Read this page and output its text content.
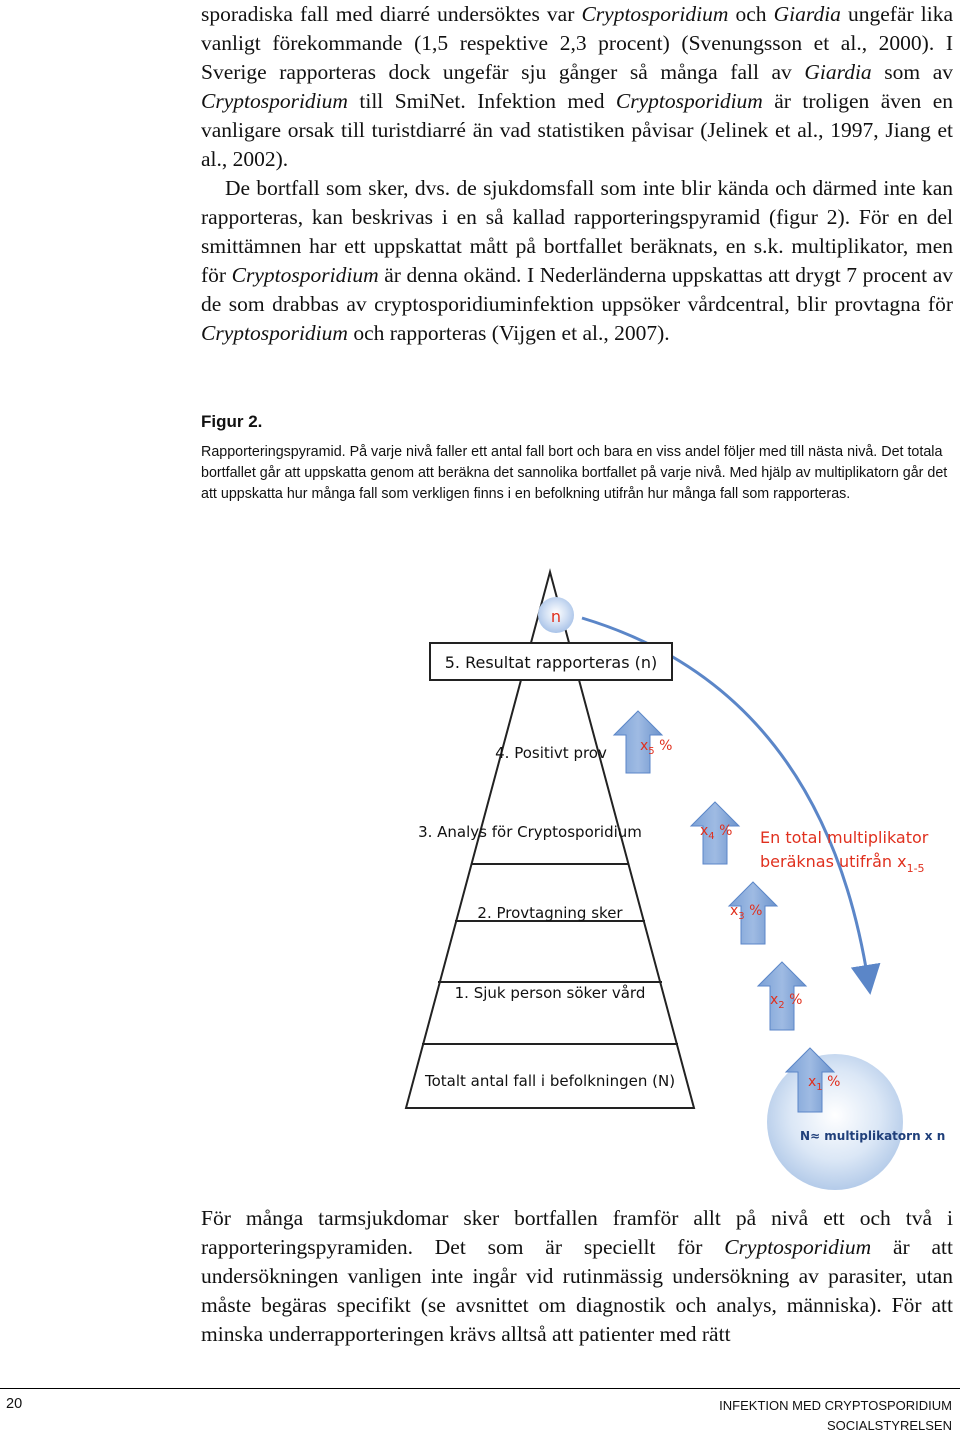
sporadiska fall med diarré undersöktes var Cryptosporidium och Giardia ungefär lika vanligt förekommande (1,5 respektive 2,3 procent) (Svenungsson et al., 2000). I Sverige rapporteras dock ungefär sju gånger så många fall av Giardia som av Cryptosporidium till SmiNet. Infektion med Cryptosporidium är troligen även en vanligare orsak till turistdiarré än vad statistiken påvisar (Jelinek et al., 1997, Jiang et al., 2002).

De bortfall som sker, dvs. de sjukdomsfall som inte blir kända och därmed inte kan rapporteras, kan beskrivas i en så kallad rapporteringspyramid (figur 2). För en del smittämnen har ett uppskattat mått på bortfallet beräknats, en s.k. multiplikator, men för Cryptosporidium är denna okänd. I Nederländerna uppskattas att drygt 7 procent av de som drabbas av cryptosporidiuminfektion uppsöker vårdcentral, blir provtagna för Cryptosporidium och rapporteras (Vijgen et al., 2007).

Figur 2.
Rapporteringspyramid. På varje nivå faller ett antal fall bort och bara en viss andel följer med till nästa nivå. Det totala bortfallet går att uppskatta genom att beräkna det sannolika bortfallet på varje nivå. Med hjälp av multiplikatorn går det att uppskatta hur många fall som verkligen finns i en befolkning utifrån hur många fall som rapporteras.
n
5. Resultat rapporteras (n)
4. Positivt prov
3. Analys för Cryptosporidium
2. Provtagning sker
1. Sjuk person söker vård
Totalt antal fall i befolkningen (N)
$x_5$ %
$x_4$ %
$x_3$ %
$x_2$ %
$x_1$ %
En total multiplikator
beräknas utifrån $x_{1-5}$
N≈ multiplikatorn x n

För många tarmsjukdomar sker bortfallen framför allt på nivå ett och två i rapporteringspyramiden. Det som är speciellt för Cryptosporidium är att undersökningen vanligen inte ingår vid rutinmässig undersökning av parasiter, utan måste begäras specifikt (se avsnittet om diagnostik och analys, människa). För att minska underrapporteringen krävs alltså att patienter med rätt

20	INFEKTION MED CRYPTOSPORIDIUM
SOCIALSTYRELSEN
